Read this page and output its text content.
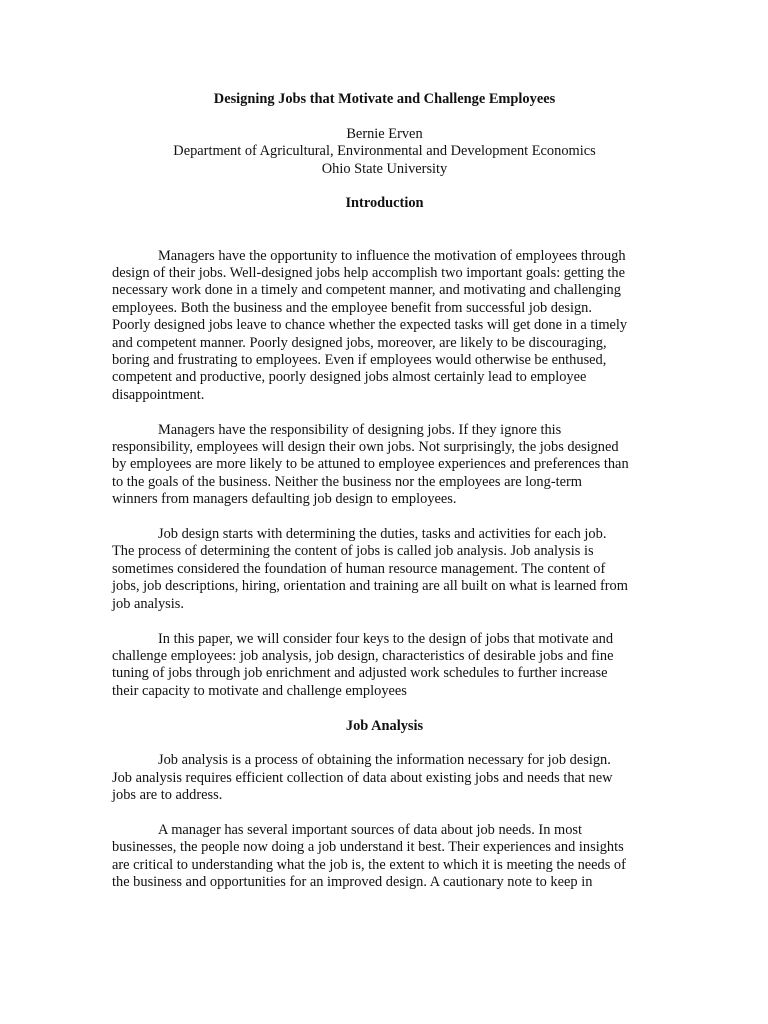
Designing Jobs that Motivate and Challenge Employees
Bernie Erven
Department of Agricultural, Environmental and Development Economics
Ohio State University
Introduction

Managers have the opportunity to influence the motivation of employees through
design of their jobs. Well-designed jobs help accomplish two important goals: getting the
necessary work done in a timely and competent manner, and motivating and challenging
employees. Both the business and the employee benefit from successful job design.
Poorly designed jobs leave to chance whether the expected tasks will get done in a timely
and competent manner. Poorly designed jobs, moreover, are likely to be discouraging,
boring and frustrating to employees. Even if employees would otherwise be enthused,
competent and productive, poorly designed jobs almost certainly lead to employee
disappointment.

Managers have the responsibility of designing jobs. If they ignore this
responsibility, employees will design their own jobs. Not surprisingly, the jobs designed
by employees are more likely to be attuned to employee experiences and preferences than
to the goals of the business. Neither the business nor the employees are long-term
winners from managers defaulting job design to employees.

Job design starts with determining the duties, tasks and activities for each job.
The process of determining the content of jobs is called job analysis. Job analysis is
sometimes considered the foundation of human resource management. The content of
jobs, job descriptions, hiring, orientation and training are all built on what is learned from
job analysis.

In this paper, we will consider four keys to the design of jobs that motivate and
challenge employees: job analysis, job design, characteristics of desirable jobs and fine
tuning of jobs through job enrichment and adjusted work schedules to further increase
their capacity to motivate and challenge employees

Job Analysis

Job analysis is a process of obtaining the information necessary for job design.
Job analysis requires efficient collection of data about existing jobs and needs that new
jobs are to address.

A manager has several important sources of data about job needs. In most
businesses, the people now doing a job understand it best. Their experiences and insights
are critical to understanding what the job is, the extent to which it is meeting the needs of
the business and opportunities for an improved design. A cautionary note to keep in
